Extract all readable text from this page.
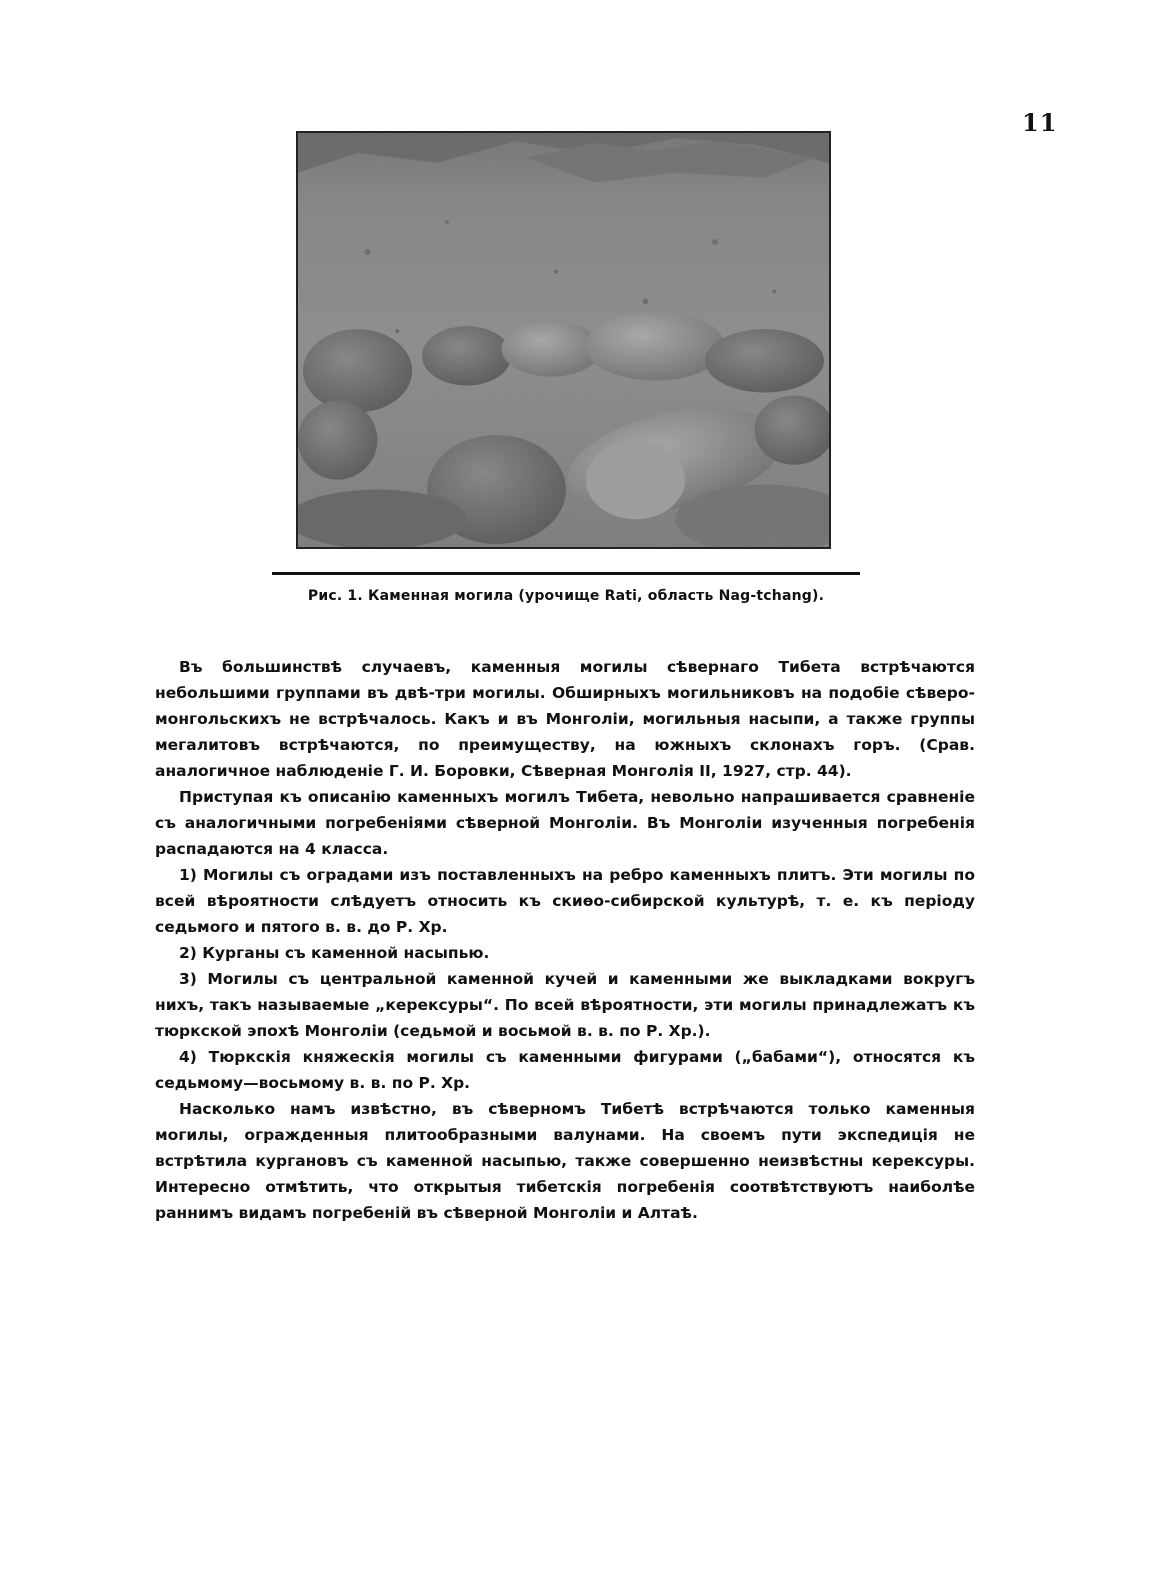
11
Рис. 1. Каменная могила (урочище Rati, область Nag-tchang).

Въ большинствѣ случаевъ, каменныя могилы сѣвернаго Тибета встрѣчаются небольшими группами въ двѣ-три могилы. Обширныхъ могильниковъ на подобіе сѣверо-монгольскихъ не встрѣчалось. Какъ и въ Монголіи, могильныя насыпи, а также группы мегалитовъ встрѣчаются, по преимуществу, на южныхъ склонахъ горъ. (Срав. аналогичное наблюденіе Г. И. Боровки, Сѣверная Монголія II, 1927, стр. 44).

Приступая къ описанію каменныхъ могилъ Тибета, невольно напрашивается сравненіе съ аналогичными погребеніями сѣверной Монголіи. Въ Монголіи изученныя погребенія распадаются на 4 класса.

1) Могилы съ оградами изъ поставленныхъ на ребро каменныхъ плитъ. Эти могилы по всей вѣроятности слѣдуетъ относить къ скиѳо-сибирской культурѣ, т. е. къ періоду седьмого и пятого в. в. до Р. Хр.

2) Курганы съ каменной насыпью.

3) Могилы съ центральной каменной кучей и каменными же выкладками вокругъ нихъ, такъ называемые „керексуры“. По всей вѣроятности, эти могилы принадлежатъ къ тюркской эпохѣ Монголіи (седьмой и восьмой в. в. по Р. Хр.).

4) Тюркскія княжескія могилы съ каменными фигурами („бабами“), относятся къ седьмому—восьмому в. в. по Р. Хр.

Насколько намъ извѣстно, въ сѣверномъ Тибетѣ встрѣчаются только каменныя могилы, огражденныя плитообразными валунами. На своемъ пути экспедиція не встрѣтила кургановъ съ каменной насыпью, также совершенно неизвѣстны керексуры. Интересно отмѣтить, что открытыя тибетскія погребенія соотвѣтствуютъ наиболѣе раннимъ видамъ погребеній въ сѣверной Монголіи и Алтаѣ.
